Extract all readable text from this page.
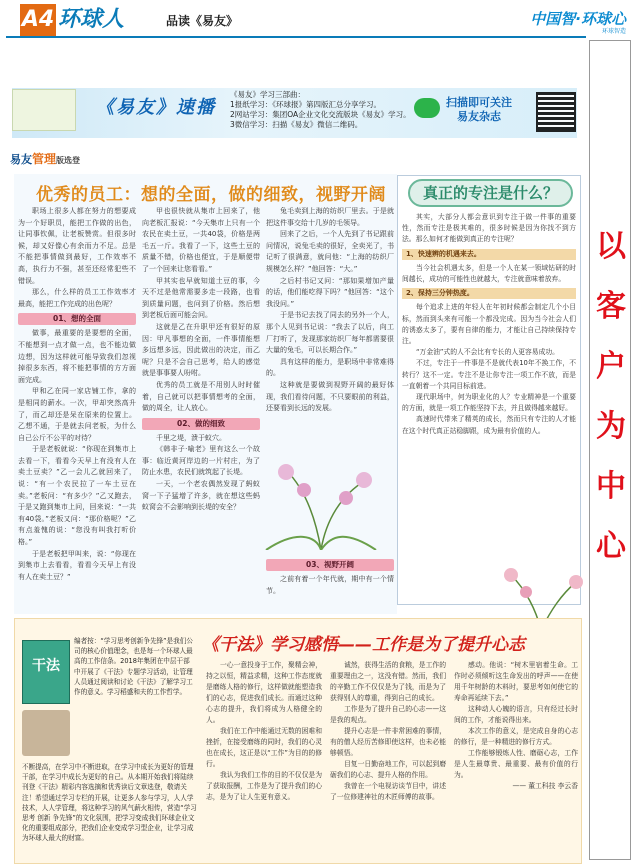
A4 环球人	品读《易友》	中国智·环球心
环球智造
以
客
户
为
中
心
《易友》速播
《易友》学习三部曲：
1报纸学习：《环球报》第四版汇总分享学习。
2网站学习：集团OA企业文化交流版块《易友》学习。
3微信学习：扫描《易友》微信二维码。
扫描即可关注
易友杂志
易友管理版选登
优秀的员工：想的全面，做的细致，视野开阔

职场上很多人都在努力的想要成为一个好职员，能把工作做的出色，让同事钦佩，让老板赞赏。但很多时候，却又好像心有余而力不足。总是不能把事情做到最好，工作效率不高，执行力不强，甚至还经常犯些不错误。

那么，什么样的员工工作效率才最高，能把工作完成的出色呢？

01、想的全面

做事，最重要的是要想的全面，不能想到一点才做一点，也不能边做边想，因为这样就可能导致我们忽视掉很多东西，将不能把事情的方方面面完成。

甲和乙在同一家店铺工作，拿的是相同的薪水。一次，甲却突然高升了，而乙却还是呆在原来的位置上。乙想不通，于是就去问老板，为什么自己公斤不公平的对待？

于是老板就说：“你现在到集市上去看一下，看看今天早上有没有人在卖土豆卖？”乙一会儿乙就回来了，说：“有一个农民拉了一车土豆在卖。”老板问：“有多少？”乙又跑去，于是又跑到集市上问，回来说：“一共有40袋。”老板又问：“那价格呢？”乙有点羞愧的说：“您没有叫我打听价格。”

于是老板把甲叫来，说：“你现在到集市上去看看，看看今天早上有没有人在卖土豆？”

甲也很快就从集市上回来了，他向老板汇报说：“今天集市上只有一个农民在卖土豆，一共40袋，价格是两毛五一斤。我看了一下，这些土豆的质量不错，价格也便宜，于是顺便带了一个回来让您看看。”

甲其实也早就知道土豆的事，今天不过是他常需要多走一段路，也看到质量问题，也问到了价格。然后想到老板后面可能会问。

这就是乙在升职甲还有很好的原因：甲凡事想的全面，一件事情能想多远想多远，因此做出的决定，而乙呢？只是不会自己思考，给人的感觉就是事事要人吩咐。

优秀的员工就是不用别人时时催着，自己就可以把事情想考的全面，做的周全，让人放心。

02、做的细致

千里之堤，溃于蚁穴。

《韩非子·喻老》里有这么一个故事：临近黄河岸边的一片村庄，为了防止水患，农民们就筑起了长堤。

一天，一个老农偶然发现了蚂蚁窝一下子猛增了许多，就在想这些蚂蚁窝会不会影响到长堤的安全？

兔毛卖到上海的纺织厂里去。于是就把这件事交给十几岁的毛领导。

回来了之后，一个人先到了书记跟前问情况，说兔毛卖的很好，全卖光了，书记听了很满意，就问他：“上海的纺织厂规模怎么样？”他回答：“大。”

之后村书记又问：“那如果增加产量的话，他们能吃得下吗？”他回答：“这个我没问。”

于是书记去找了同去的另外一个人，那个人见到书记说：“我去了以后，向工厂打听了，发现那家纺织厂每年都需要很大量的兔毛，可以长期合作。”

具有这样的能力，是职场中非常难得的。

这种就是要做到视野开阔的最好体现，我们看待问题，不只要眼前的利益，还要看到长远的发展。

03、视野开阔

之前有着一个年代就，期中有一个情节。

真正的专注是什么？

其实，大部分人都会意识到专注于做一件事的重要性，然而专注是极其难的，很多时候是因为你找不到方法。那么如何才能做到真正的专注呢？

1、快速辨的机遇来去。

当今社会机遇太多，但是一个人在某一领域钻研的时间越长，成功的可能性也就越大，专注就意味着放弃。

2、保持三分钟热度。

每个追求上进的年轻人在年初时候都会制定几个小目标，然而到头来有可能一个都没完成。因为当今社会人们的诱惑太多了，要有自律的能力，才能让自己持续保持专注。

“万金油”式的人不会比有专长的人更容易成功。

不过，专注于一件事是不是就代表10年不换工作，不转行？这不一定。专注不是让你专注一项工作不放，而是一直朝着一个共同目标前进。

现代职场中，何为职业化的人？专业精神是一个重要的方面，就是一项工作能坚持下去，并且做得越来越好。

高速时代带来了精英的成长，然而只有专注的人才能在这个时代真正站稳脚跟，成为最有价值的人。

《干法》学习感悟——工作是为了提升心志
干法
编者按：“学习思考创新争先锋”是我们公司的核心价值理念，也是每一个环球人最高的工作信条。2018年集团在中层干部中开展了《干法》专题学习活动，让管理人员通过阅读和讨论《干法》了解学习工作的意义。学习稻盛和夫的工作哲学。
不断提高，在学习中不断进取，在学习中成长为更好的管理干部，在学习中成长为更好的自己。从本期开始我们将陆续刊登《干法》精彩内容选摘和优秀读后文章选登，敬请关注！希望通过学习专栏的开展，让更多人参与学习，人人学技术，人人学管理，将这种学习的风气薪火相传，营造“学习 思考 创新 争先锋”的文化氛围，把学习变成我们环球企业文化的重要组成部分，把我们企业变成学习型企业，让学习成为环球人最大的财富。

一心一意投身于工作，聚精会神，持之以恒，精益求精，这种工作态度就是磨练人格的修行，这样做就能塑造我们的心志，促进我们成长。而通过这种心志的提升，我们将成为人格健全的人。

我们在工作中能通过无数的困难和挫折，在接受磨练的同时，我们的心灵也在成长，这正是以“工作”为目的的修行。

我认为我们工作的目的不仅仅是为了获取报酬，工作是为了提升我们的心志，是为了让人生更有意义。

诚然，获得生活的食粮，是工作的重要理由之一，这没有错。然而，我们的辛勤工作不仅仅是为了钱，而是为了获得别人的尊重，得到自己的成长。

工作是为了提升自己的心志——这是我的观点。

提升心志是一件非常困难的事情，有的僧人经历苦修即使这样，也未必能够顿悟。

目复一日勤奋地工作，可以起到磨砺我们的心志、提升人格的作用。

我曾在一个电视访谈节目中，讲述了一位修建神社的木匠师傅的故事。

感动。他说：“树木里宿着生命。工作时必须倾听这生命发出的呼声——在使用千年树龄的木料时，要思考如何使它的寿命再延续下去。”

这种动人心魄的语言，只有经过长时间的工作，才能说得出来。

本次工作的意义，是完成自身的心志的修行，是一种精进的修行方式。

工作能够锻炼人性、磨砺心志，工作是人生最尊贵、最重要、最有价值的行为。

—— 董工科技 李云香
